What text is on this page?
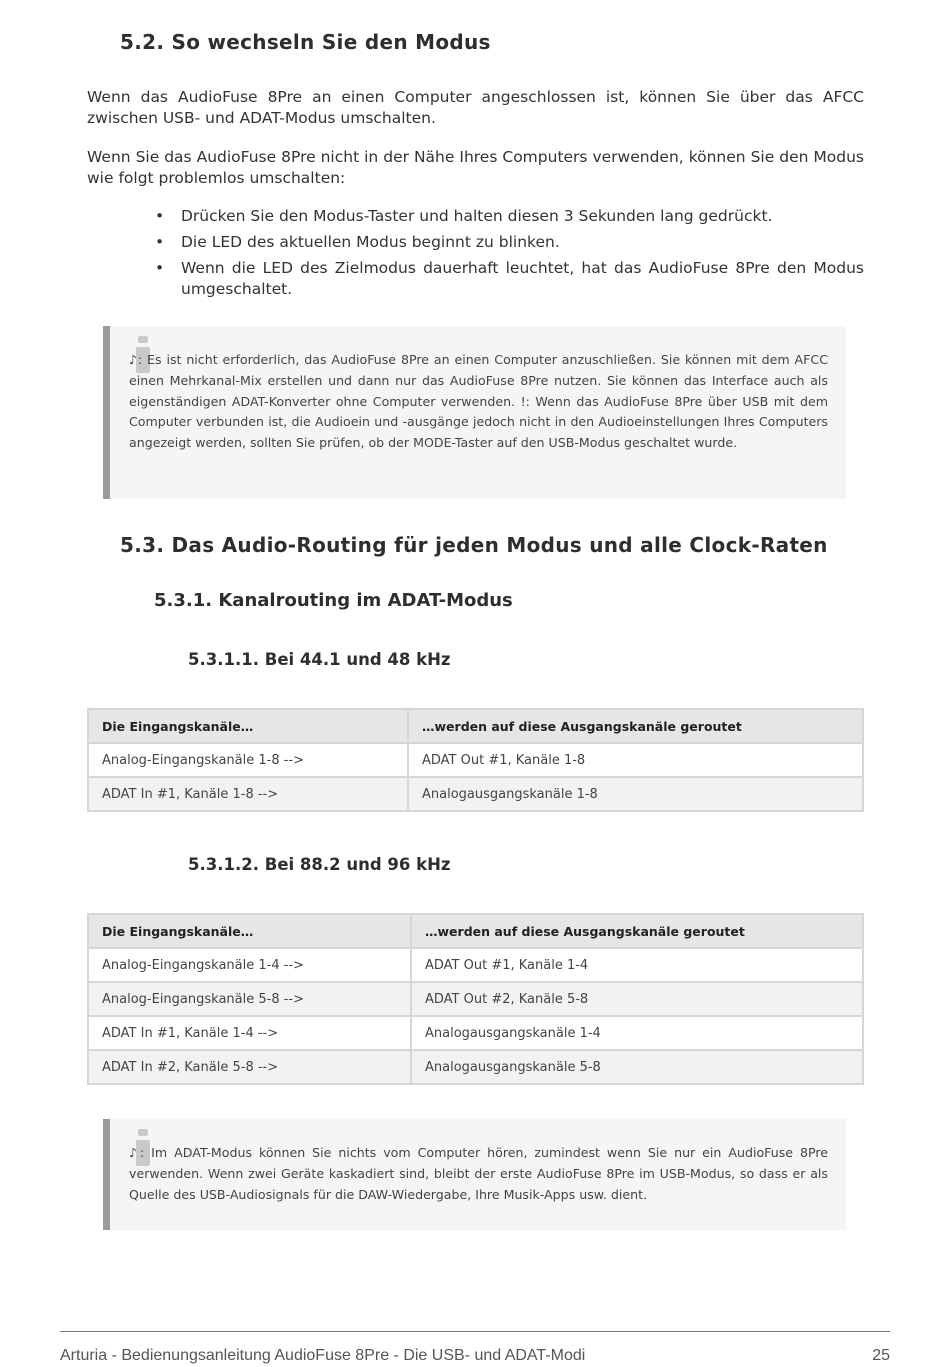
5.2. So wechseln Sie den Modus

Wenn das AudioFuse 8Pre an einen Computer angeschlossen ist, können Sie über das AFCC zwischen USB- und ADAT-Modus umschalten.

Wenn Sie das AudioFuse 8Pre nicht in der Nähe Ihres Computers verwenden, können Sie den Modus wie folgt problemlos umschalten:

• Drücken Sie den Modus-Taster und halten diesen 3 Sekunden lang gedrückt.
• Die LED des aktuellen Modus beginnt zu blinken.
• Wenn die LED des Zielmodus dauerhaft leuchtet, hat das AudioFuse 8Pre den Modus umgeschaltet.

♪: Es ist nicht erforderlich, das AudioFuse 8Pre an einen Computer anzuschließen. Sie können mit dem AFCC einen Mehrkanal-Mix erstellen und dann nur das AudioFuse 8Pre nutzen. Sie können das Interface auch als eigenständigen ADAT-Konverter ohne Computer verwenden. !: Wenn das AudioFuse 8Pre über USB mit dem Computer verbunden ist, die Audioein und -ausgänge jedoch nicht in den Audioeinstellungen Ihres Computers angezeigt werden, sollten Sie prüfen, ob der MODE-Taster auf den USB-Modus geschaltet wurde.

5.3. Das Audio-Routing für jeden Modus und alle Clock-Raten
5.3.1. Kanalrouting im ADAT-Modus
5.3.1.1. Bei 44.1 und 48 kHz
Die Eingangskanäle…	…werden auf diese Ausgangskanäle geroutet
Analog-Eingangskanäle 1-8 -->	ADAT Out #1, Kanäle 1-8
ADAT In #1, Kanäle 1-8 -->	Analogausgangskanäle 1-8
5.3.1.2. Bei 88.2 und 96 kHz
Die Eingangskanäle…	…werden auf diese Ausgangskanäle geroutet
Analog-Eingangskanäle 1-4 -->	ADAT Out #1, Kanäle 1-4
Analog-Eingangskanäle 5-8 -->	ADAT Out #2, Kanäle 5-8
ADAT In #1, Kanäle 1-4 -->	Analogausgangskanäle 1-4
ADAT In #2, Kanäle 5-8 -->	Analogausgangskanäle 5-8

♪: Im ADAT-Modus können Sie nichts vom Computer hören, zumindest wenn Sie nur ein AudioFuse 8Pre verwenden. Wenn zwei Geräte kaskadiert sind, bleibt der erste AudioFuse 8Pre im USB-Modus, so dass er als Quelle des USB-Audiosignals für die DAW-Wiedergabe, Ihre Musik-Apps usw. dient.

Arturia - Bedienungsanleitung AudioFuse 8Pre - Die USB- und ADAT-Modi	25
